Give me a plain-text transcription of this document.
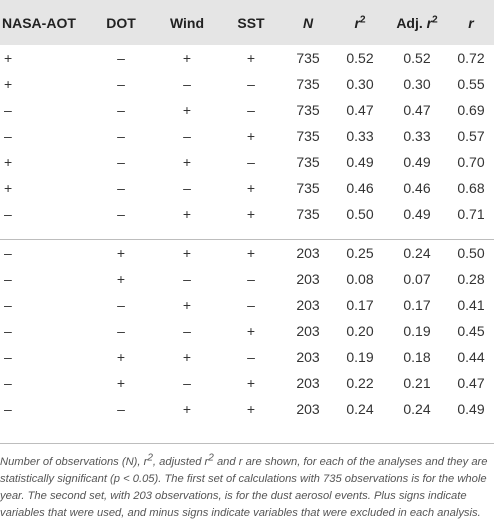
NASA-AOT	DOT	Wind	SST	N	$r^2$	Adj. $r^2$	r
+	–	+	+	735	0.52	0.52	0.72
+	–	–	–	735	0.30	0.30	0.55
–	–	+	–	735	0.47	0.47	0.69
–	–	–	+	735	0.33	0.33	0.57
+	–	+	–	735	0.49	0.49	0.70
+	–	–	+	735	0.46	0.46	0.68
–	–	+	+	735	0.50	0.49	0.71

–	+	+	+	203	0.25	0.24	0.50
–	+	–	–	203	0.08	0.07	0.28
–	–	+	–	203	0.17	0.17	0.41
–	–	–	+	203	0.20	0.19	0.45
–	+	+	–	203	0.19	0.18	0.44
–	+	–	+	203	0.22	0.21	0.47
–	–	+	+	203	0.24	0.24	0.49
Number of observations (N), $r^2$, adjusted $r^2$ and r are shown, for each of the analyses and they are statistically significant (p < 0.05). The first set of calculations with 735 observations is for the whole year. The second set, with 203 observations, is for the dust aerosol events. Plus signs indicate variables that were used, and minus signs indicate variables that were excluded in each analysis.
